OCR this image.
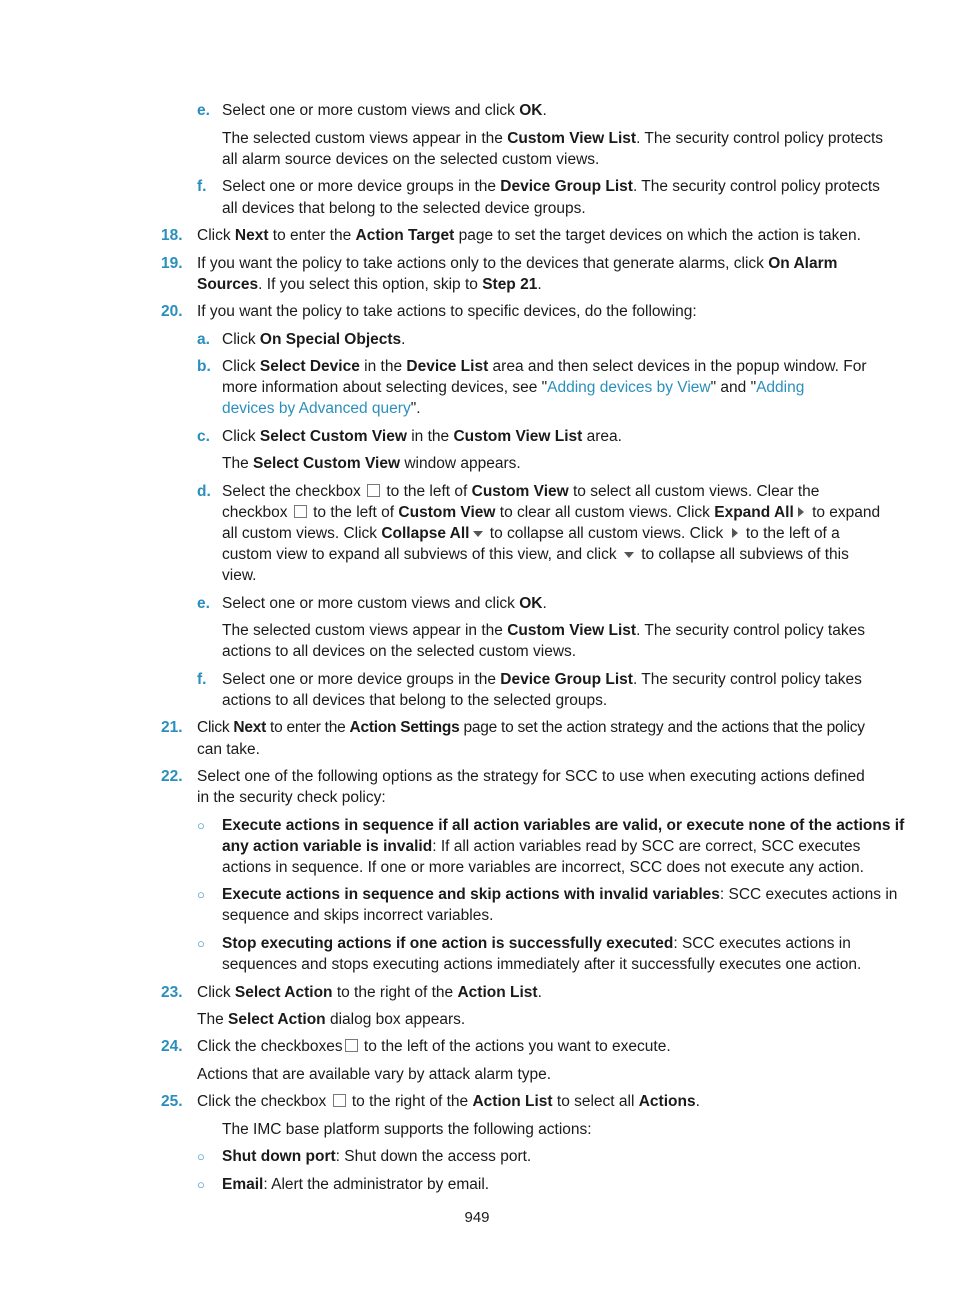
e. Select one or more custom views and click OK.
The selected custom views appear in the Custom View List. The security control policy protects
all alarm source devices on the selected custom views.
f. Select one or more device groups in the Device Group List. The security control policy protects
all devices that belong to the selected device groups.
18. Click Next to enter the Action Target page to set the target devices on which the action is taken.
19. If you want the policy to take actions only to the devices that generate alarms, click On Alarm
Sources. If you select this option, skip to Step 21.
20. If you want the policy to take actions to specific devices, do the following:
a. Click On Special Objects.
b. Click Select Device in the Device List area and then select devices in the popup window. For
more information about selecting devices, see "Adding devices by View" and "Adding
devices by Advanced query".
c. Click Select Custom View in the Custom View List area.
The Select Custom View window appears.
d. Select the checkbox  to the left of Custom View to select all custom views. Clear the
checkbox  to the left of Custom View to clear all custom views. Click Expand All to expand
all custom views. Click Collapse All to collapse all custom views. Click  to the left of a
custom view to expand all subviews of this view, and click  to collapse all subviews of this
view.
e. Select one or more custom views and click OK.
The selected custom views appear in the Custom View List. The security control policy takes
actions to all devices on the selected custom views.
f. Select one or more device groups in the Device Group List. The security control policy takes
actions to all devices that belong to the selected groups.
21. Click Next to enter the Action Settings page to set the action strategy and the actions that the policy
can take.
22. Select one of the following options as the strategy for SCC to use when executing actions defined
in the security check policy:
○ Execute actions in sequence if all action variables are valid, or execute none of the actions if
any action variable is invalid: If all action variables read by SCC are correct, SCC executes
actions in sequence. If one or more variables are incorrect, SCC does not execute any action.
○ Execute actions in sequence and skip actions with invalid variables: SCC executes actions in
sequence and skips incorrect variables.
○ Stop executing actions if one action is successfully executed: SCC executes actions in
sequences and stops executing actions immediately after it successfully executes one action.
23. Click Select Action to the right of the Action List.
The Select Action dialog box appears.
24. Click the checkboxes to the left of the actions you want to execute.
Actions that are available vary by attack alarm type.
25. Click the checkbox  to the right of the Action List to select all Actions.
The IMC base platform supports the following actions:
○ Shut down port: Shut down the access port.
○ Email: Alert the administrator by email.
949
